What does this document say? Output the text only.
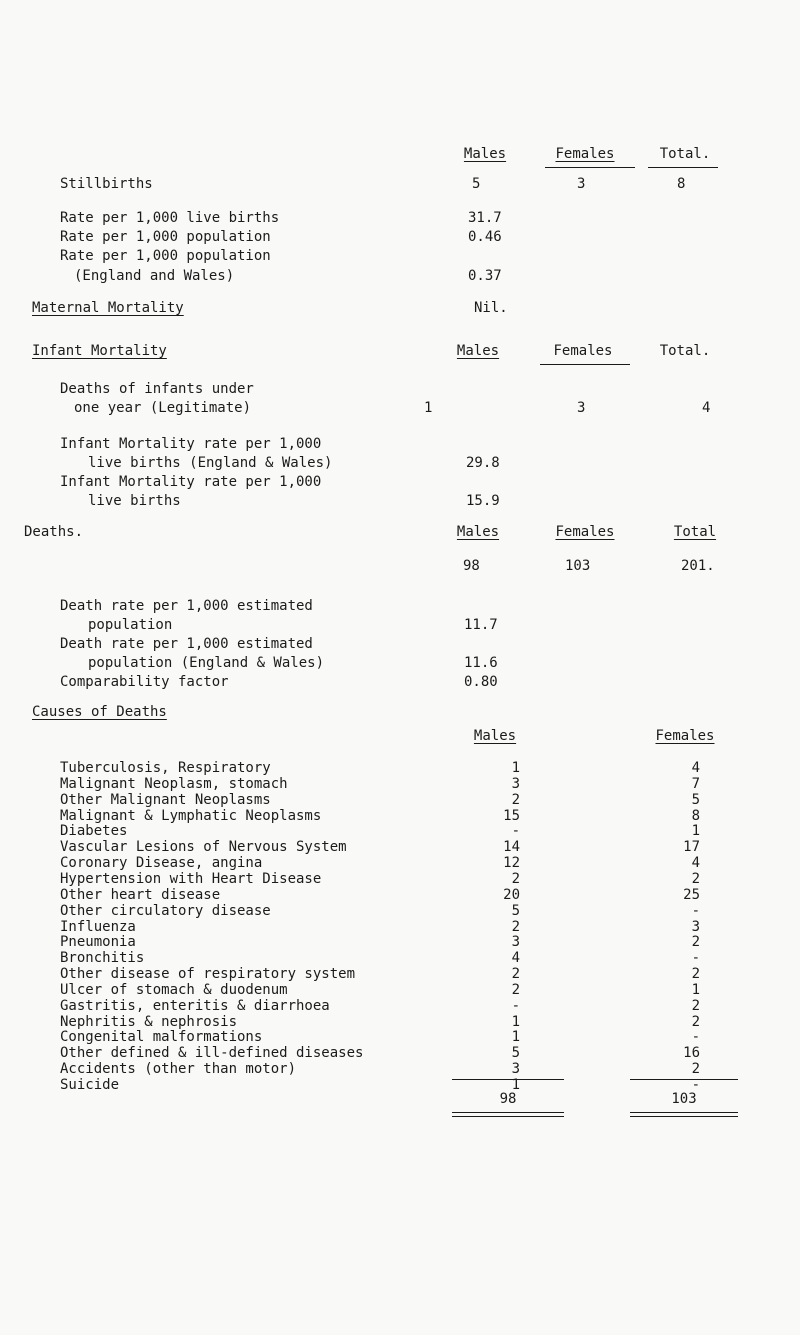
Males	Females	Total.
Stillbirths	5	3	8
Rate per 1,000 live births	31.7
Rate per 1,000 population	0.46
Rate per 1,000 population
(England and Wales)	0.37
Maternal Mortality	Nil.
Infant Mortality	Males	Females	Total.
Deaths of infants under
one year (Legitimate)	1	3	4
Infant Mortality rate per 1,000
live births (England & Wales)	29.8
Infant Mortality rate per 1,000
live births	15.9
Deaths.	Males	Females	Total
98	103	201.
Death rate per 1,000 estimated
population	11.7
Death rate per 1,000 estimated
population (England & Wales)	11.6
Comparability factor	0.80
Causes of Deaths
Males	Females
Tuberculosis, Respiratory	1	4
Malignant Neoplasm, stomach	3	7
Other Malignant Neoplasms	2	5
Malignant & Lymphatic Neoplasms	15	8
Diabetes	-	1
Vascular Lesions of Nervous System	14	17
Coronary Disease, angina	12	4
Hypertension with Heart Disease	2	2
Other heart disease	20	25
Other circulatory disease	5	-
Influenza	2	3
Pneumonia	3	2
Bronchitis	4	-
Other disease of respiratory system	2	2
Ulcer of stomach & duodenum	2	1
Gastritis, enteritis & diarrhoea	-	2
Nephritis & nephrosis	1	2
Congenital malformations	1	-
Other defined & ill-defined diseases	5	16
Accidents (other than motor)	3	2
Suicide	1	-
98	103
